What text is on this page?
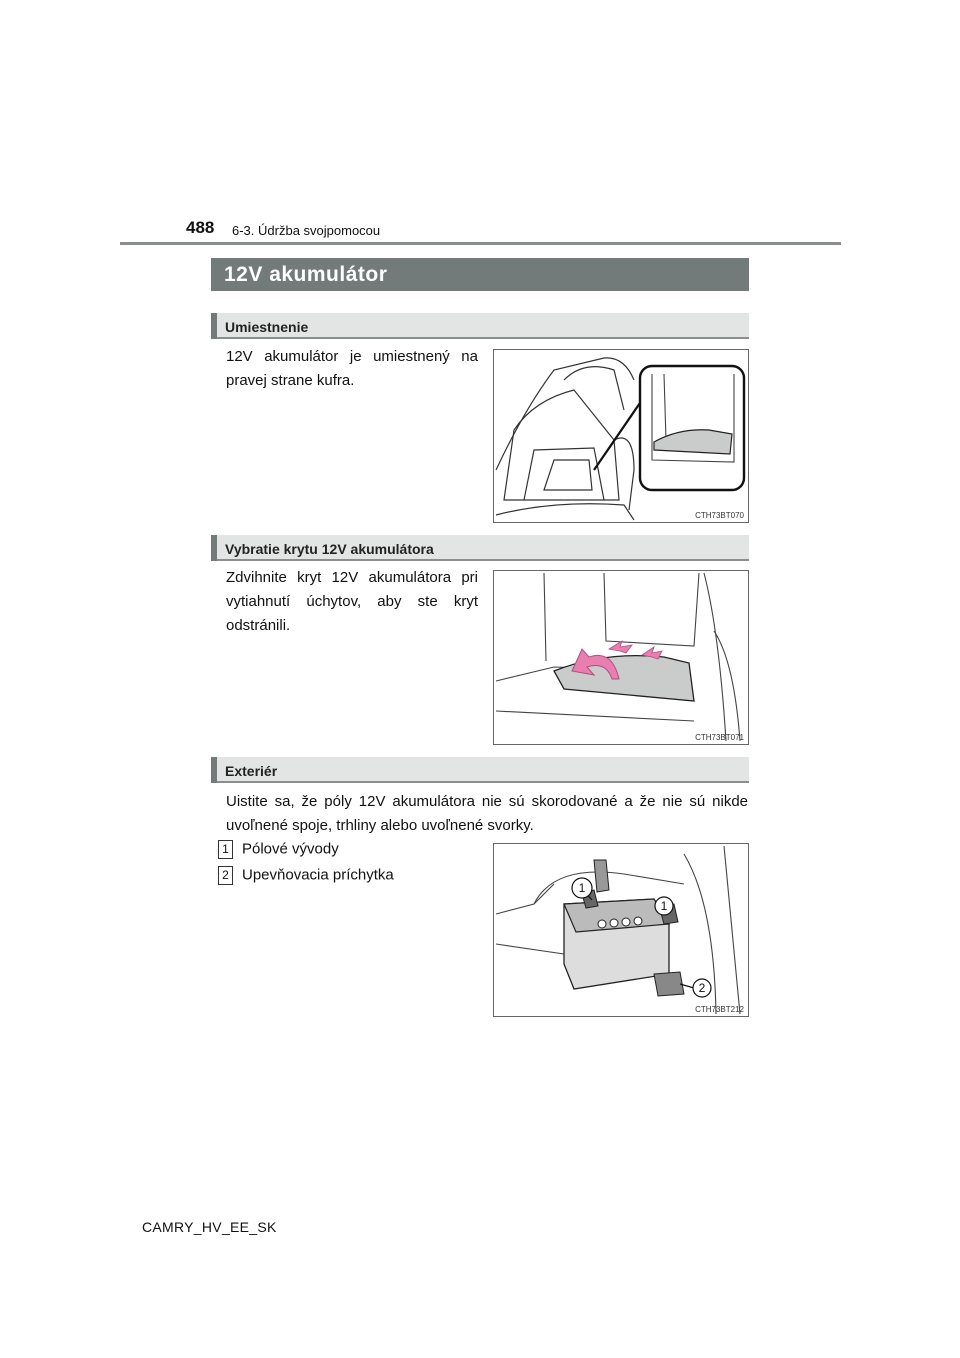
488 6-3. Údržba svojpomocou
12V akumulátor
Umiestnenie
12V akumulátor je umiestnený na pravej strane kufra.
CTH73BT070
Vybratie krytu 12V akumulátora
Zdvihnite kryt 12V akumulátora pri vytiahnutí úchytov, aby ste kryt odstránili.
CTH73BT071
Exteriér
Uistite sa, že póly 12V akumulátora nie sú skorodované a že nie sú nikde uvoľnené spoje, trhliny alebo uvoľnené svorky.
1 Pólové vývody
2 Upevňovacia príchytka
1
1
2
CTH73BT212
CAMRY_HV_EE_SK
